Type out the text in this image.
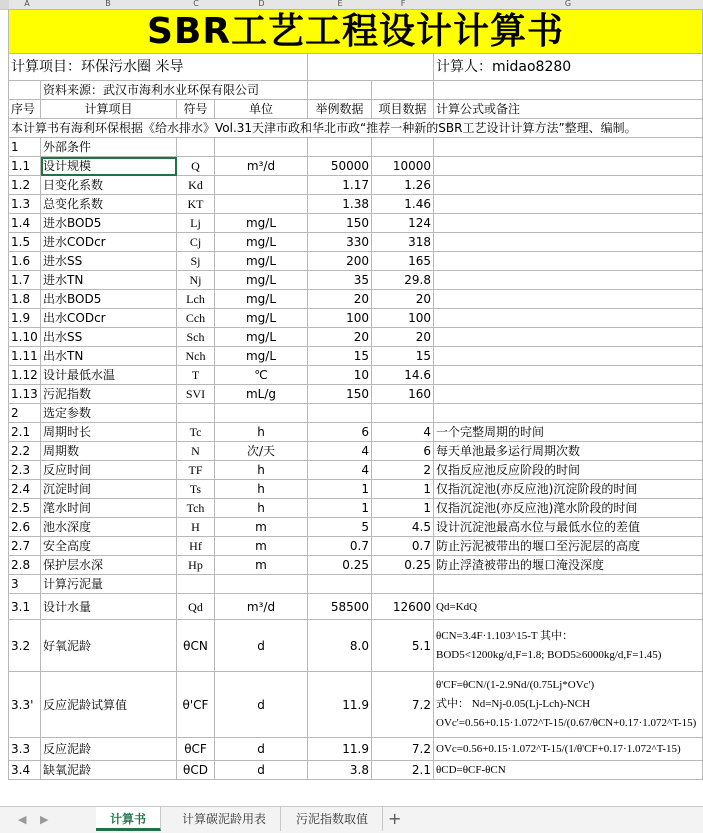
A	B	C	D	E	F	G
SBR工艺工程设计计算书						
计算项目：环保污水圈 米导						计算人：midao8280
	资料来源：武汉市海利水业环保有限公司					
序号	计算项目	符号	单位	举例数据	项目数据	计算公式或备注
本计算书有海利环保根据《给水排水》Vol.31天津市政和华北市政“推荐一种新的SBR工艺设计计算方法”整理、编制。						
1	外部条件					
1.1	设计规模	Q	m³/d	50000	10000	
1.2	日变化系数	Kd		1.17	1.26	
1.3	总变化系数	KT		1.38	1.46	
1.4	进水BOD5	Lj	mg/L	150	124	
1.5	进水CODcr	Cj	mg/L	330	318	
1.6	进水SS	Sj	mg/L	200	165	
1.7	进水TN	Nj	mg/L	35	29.8	
1.8	出水BOD5	Lch	mg/L	20	20	
1.9	出水CODcr	Cch	mg/L	100	100	
1.10	出水SS	Sch	mg/L	20	20	
1.11	出水TN	Nch	mg/L	15	15	
1.12	设计最低水温	T	℃	10	14.6	
1.13	污泥指数	SVI	mL/g	150	160	
2	选定参数					
2.1	周期时长	Tc	h	6	4	一个完整周期的时间
2.2	周期数	N	次/天	4	6	每天单池最多运行周期次数
2.3	反应时间	TF	h	4	2	仅指反应池反应阶段的时间
2.4	沉淀时间	Ts	h	1	1	仅指沉淀池(亦反应池)沉淀阶段的时间
2.5	滗水时间	Tch	h	1	1	仅指沉淀池(亦反应池)滗水阶段的时间
2.6	池水深度	H	m	5	4.5	设计沉淀池最高水位与最低水位的差值
2.7	安全高度	Hf	m	0.7	0.7	防止污泥被带出的堰口至污泥层的高度
2.8	保护层水深	Hp	m	0.25	0.25	防止浮渣被带出的堰口淹没深度
3	计算污泥量					
3.1	设计水量	Qd	m³/d	58500	12600	Qd=KdQ
3.2	好氧泥龄	θCN	d	8.0	5.1	θCN=3.4F·1.103^15-T 其中：
BOD5<1200kg/d,F=1.8; BOD5≥6000kg/d,F=1.45)

3.3'	反应泥龄试算值	θ'CF	d	11.9	7.2	θ'CF=θCN/(1-2.9Nd/(0.75Lj*OVc')
式中： Nd=Nj-0.05(Lj-Lch)-NCH
OVc'=0.56+0.15·1.072^T-15/(0.67/θCN+0.17·1.072^T-15)

3.3	反应泥龄	θCF	d	11.9	7.2	OVc=0.56+0.15·1.072^T-15/(1/θ'CF+0.17·1.072^T-15)
3.4	缺氧泥龄	θCD	d	3.8	2.1	θCD=θCF-θCN
◀ ▶	计算书	计算碳泥龄用表	污泥指数取值	+
